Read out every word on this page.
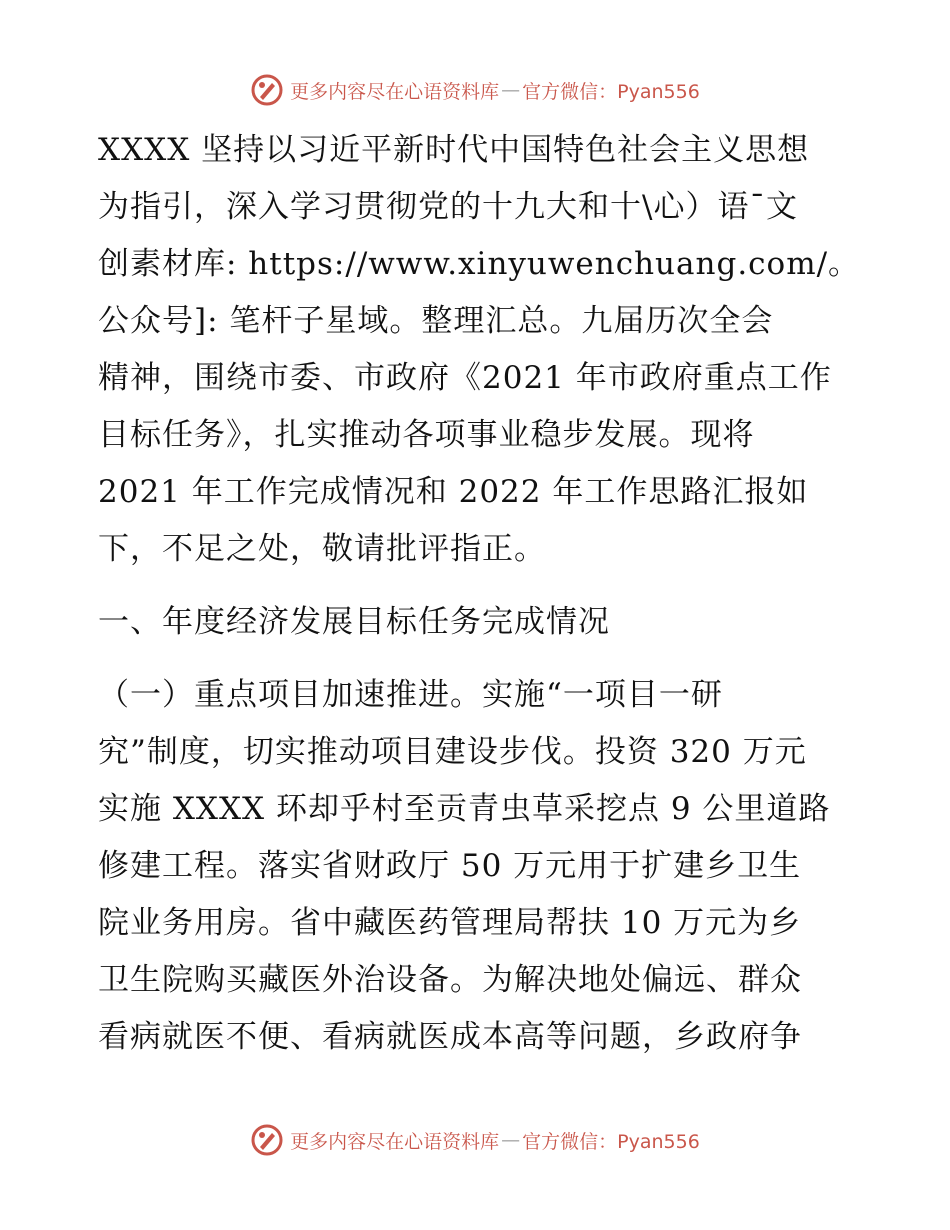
更多内容尽在心语资料库 — 官方微信：Pyan556
XXXX 坚持以习近平新时代中国特色社会主义思想
为指引，深入学习贯彻党的十九大和十\心）语¯文
创素材库: https://www.xinyuwenchuang.com/。
公众号]: 笔杆子星域。整理汇总。九届历次全会
精神，围绕市委、市政府《2021 年市政府重点工作
目标任务》，扎实推动各项事业稳步发展。现将
2021 年工作完成情况和 2022 年工作思路汇报如
下，不足之处，敬请批评指正。
一、年度经济发展目标任务完成情况
（一）重点项目加速推进。实施“一项目一研
究”制度，切实推动项目建设步伐。投资 320 万元
实施 XXXX 环却乎村至贡青虫草采挖点 9 公里道路
修建工程。落实省财政厅 50 万元用于扩建乡卫生
院业务用房。省中藏医药管理局帮扶 10 万元为乡
卫生院购买藏医外治设备。为解决地处偏远、群众
看病就医不便、看病就医成本高等问题，乡政府争
更多内容尽在心语资料库 — 官方微信：Pyan556
